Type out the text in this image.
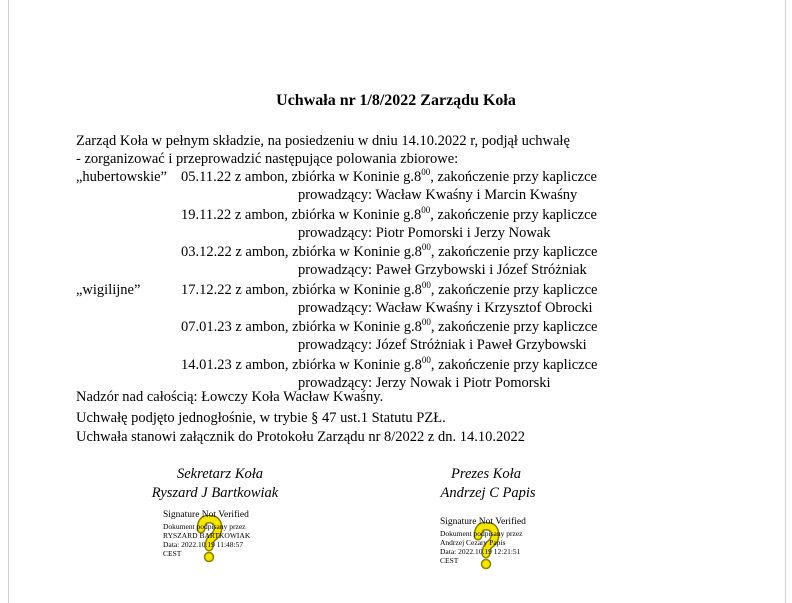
Uchwała nr 1/8/2022 Zarządu Koła
Zarząd Koła w pełnym składzie, na posiedzeniu w dniu 14.10.2022 r, podjął uchwałę
- zorganizować i przeprowadzić następujące polowania zbiorowe:
„hubertowskie” 05.11.22 z ambon, zbiórka w Koninie $g.8^{00}$, zakończenie przy kapliczce
prowadzący: Wacław Kwaśny i Marcin Kwaśny
19.11.22 z ambon, zbiórka w Koninie $g.8^{00}$, zakończenie przy kapliczce
prowadzący: Piotr Pomorski i Jerzy Nowak
03.12.22 z ambon, zbiórka w Koninie $g.8^{00}$, zakończenie przy kapliczce
prowadzący: Paweł Grzybowski i Józef Stróżniak
„wigilijne”	17.12.22 z ambon, zbiórka w Koninie $g.8^{00}$, zakończenie przy kapliczce
prowadzący: Wacław Kwaśny i Krzysztof Obrocki
07.01.23 z ambon, zbiórka w Koninie $g.8^{00}$, zakończenie przy kapliczce
prowadzący: Józef Stróżniak i Paweł Grzybowski
14.01.23 z ambon, zbiórka w Koninie $g.8^{00}$, zakończenie przy kapliczce
prowadzący: Jerzy Nowak i Piotr Pomorski
Nadzór nad całością: Łowczy Koła Wacław Kwaśny.
Uchwałę podjęto jednogłośnie, w trybie § 47 ust.1 Statutu PZŁ.
Uchwała stanowi załącznik do Protokołu Zarządu nr 8/2022 z dn. 14.10.2022
Sekretarz Koła
Ryszard J Bartkowiak
Signature Not Verified
Dokument podpisany przez
RYSZARD BARTKOWIAK
Data: 2022.10.19 11:48:57
CEST
Prezes Koła
Andrzej C Papis
Signature Not Verified
Dokument podpisany przez
Andrzej Cezary Papis
Data: 2022.10.19 12:21:51
CEST
